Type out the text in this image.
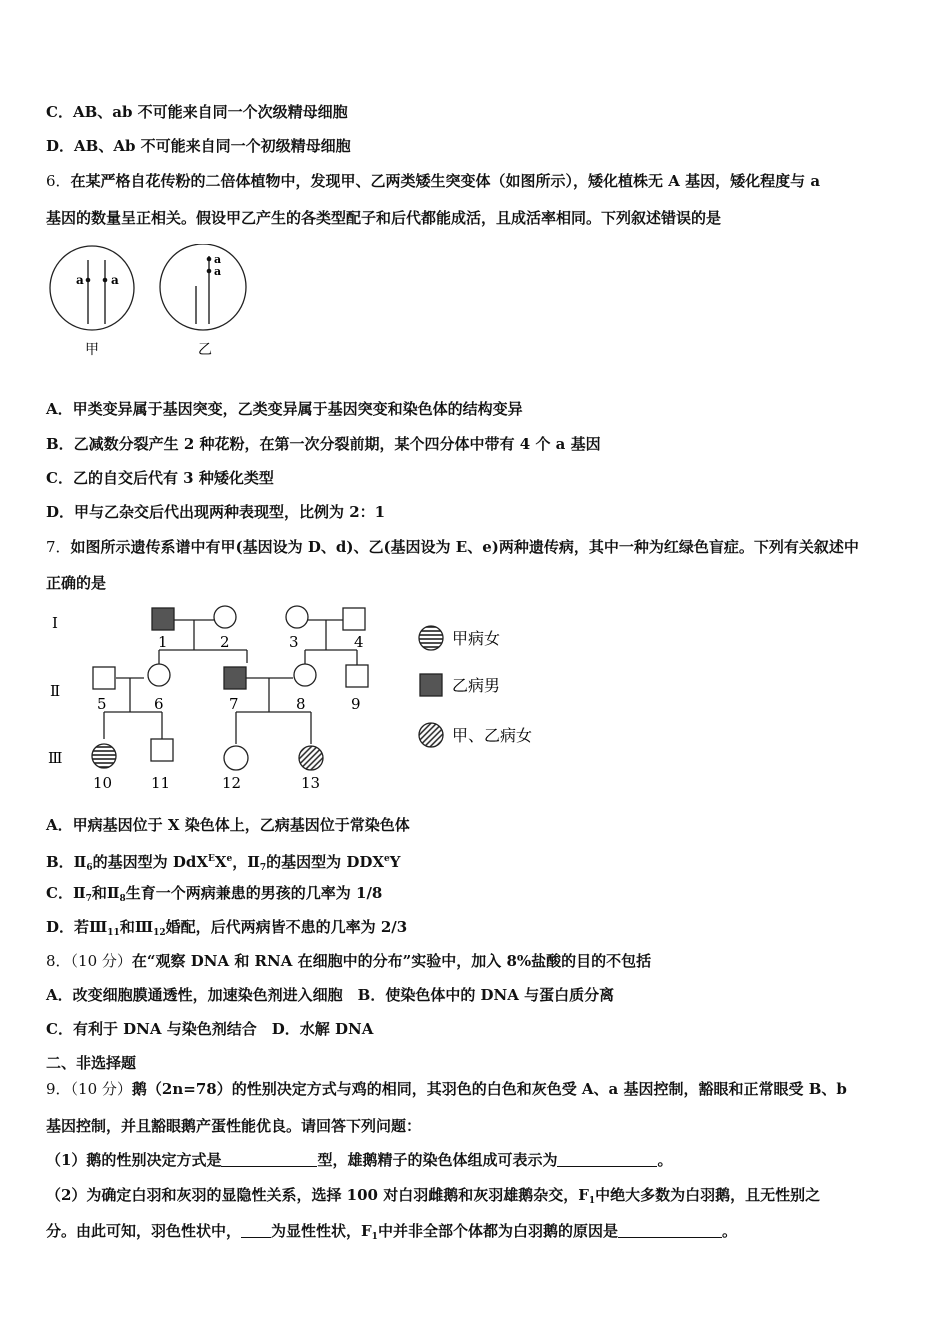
C．AB、ab 不可能来自同一个次级精母细胞
D．AB、Ab 不可能来自同一个初级精母细胞
6．在某严格自花传粉的二倍体植物中，发现甲、乙两类矮生突变体（如图所示），矮化植株无 A 基因，矮化程度与 a
基因的数量呈正相关。假设甲乙产生的各类型配子和后代都能成活，且成活率相同。下列叙述错误的是
a a
甲
a
a
乙
A．甲类变异属于基因突变，乙类变异属于基因突变和染色体的结构变异
B．乙减数分裂产生 2 种花粉，在第一次分裂前期，某个四分体中带有 4 个 a 基因
C．乙的自交后代有 3 种矮化类型
D．甲与乙杂交后代出现两种表现型，比例为 2：1
7．如图所示遗传系谱中有甲(基因设为 D、d)、乙(基因设为 E、e)两种遗传病，其中一种为红绿色盲症。下列有关叙述中
正确的是
Ⅰ
Ⅱ
Ⅲ
1	2	3	4
5	6	7	8	9
10	11	12	13
甲病女
乙病男
甲、乙病女
A．甲病基因位于 X 染色体上，乙病基因位于常染色体
B．$Ⅱ_6$的基因型为 DdX$^E$Xe，$Ⅱ_7$的基因型为 DDXeY
C．$Ⅱ_7$和$Ⅱ_8$生育一个两病兼患的男孩的几率为 1/8
D．若$Ⅲ_{11}$和$Ⅲ_{12}$婚配，后代两病皆不患的几率为 2/3
8．（10 分）在“观察 DNA 和 RNA 在细胞中的分布”实验中，加入 8%盐酸的目的不包括
A．改变细胞膜通透性，加速染色剂进入细胞　B．使染色体中的 DNA 与蛋白质分离
C．有利于 DNA 与染色剂结合　D．水解 DNA
二、非选择题
9．（10 分）鹅（2n=78）的性别决定方式与鸡的相同，其羽色的白色和灰色受 A、a 基因控制，豁眼和正常眼受 B、b
基因控制，并且豁眼鹅产蛋性能优良。请回答下列问题：
（1）鹅的性别决定方式是	型，雄鹅精子的染色体组成可表示为	。
（2）为确定白羽和灰羽的显隐性关系，选择 100 对白羽雌鹅和灰羽雄鹅杂交，$F_1$中绝大多数为白羽鹅，且无性别之
分。由此可知，羽色性状中， 为显性性状，$F_1$中并非全部个体都为白羽鹅的原因是	。
